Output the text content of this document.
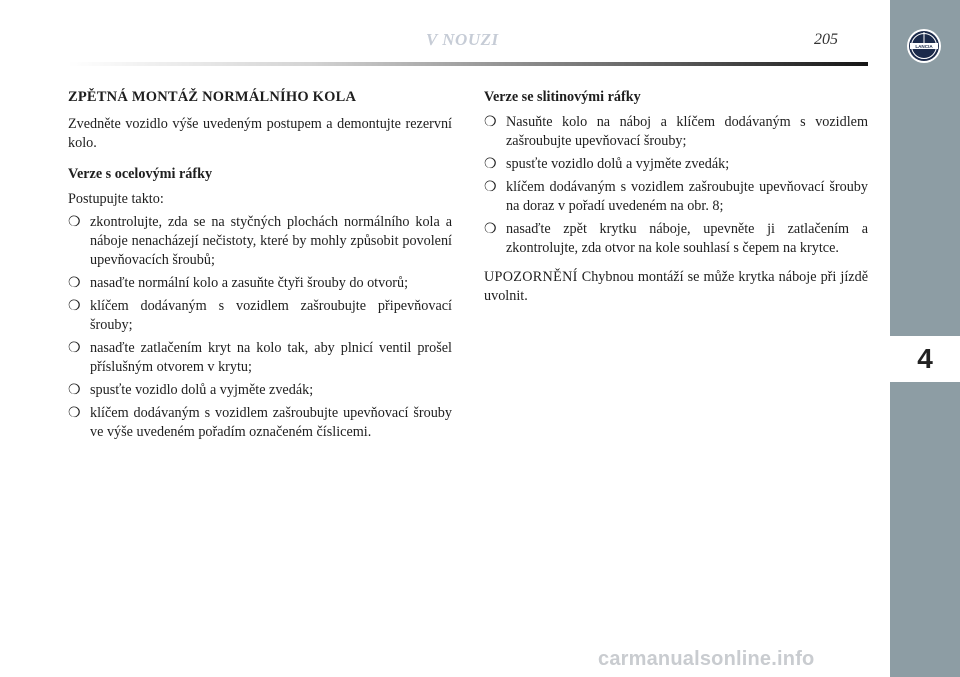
V NOUZI	205	LANCIA
4
ZPĚTNÁ MONTÁŽ NORMÁLNÍHO KOLA

Zvedněte vozidlo výše uvedeným postupem a demontujte rezervní kolo.

Verze s ocelovými ráfky

Postupujte takto:

❍ zkontrolujte, zda se na styčných plochách normálního kola a náboje nenacházejí nečistoty, které by mohly způsobit povolení upevňovacích šroubů;
❍ nasaďte normální kolo a zasuňte čtyři šrouby do otvorů;
❍ klíčem dodávaným s vozidlem zašroubujte připevňovací šrouby;
❍ nasaďte zatlačením kryt na kolo tak, aby plnicí ventil prošel příslušným otvorem v krytu;
❍ spusťte vozidlo dolů a vyjměte zvedák;
❍ klíčem dodávaným s vozidlem zašroubujte upevňovací šrouby ve výše uvedeném pořadím označeném číslicemi.
Verze se slitinovými ráfky
❍ Nasuňte kolo na náboj a klíčem dodávaným s vozidlem zašroubujte upevňovací šrouby;
❍ spusťte vozidlo dolů a vyjměte zvedák;
❍ klíčem dodávaným s vozidlem zašroubujte upevňovací šrouby na doraz v pořadí uvedeném na obr. 8;
❍ nasaďte zpět krytku náboje, upevněte ji zatlačením a zkontrolujte, zda otvor na kole souhlasí s čepem na krytce.

UPOZORNĚNÍ Chybnou montáží se může krytka náboje při jízdě uvolnit.

carmanualsonline.info
